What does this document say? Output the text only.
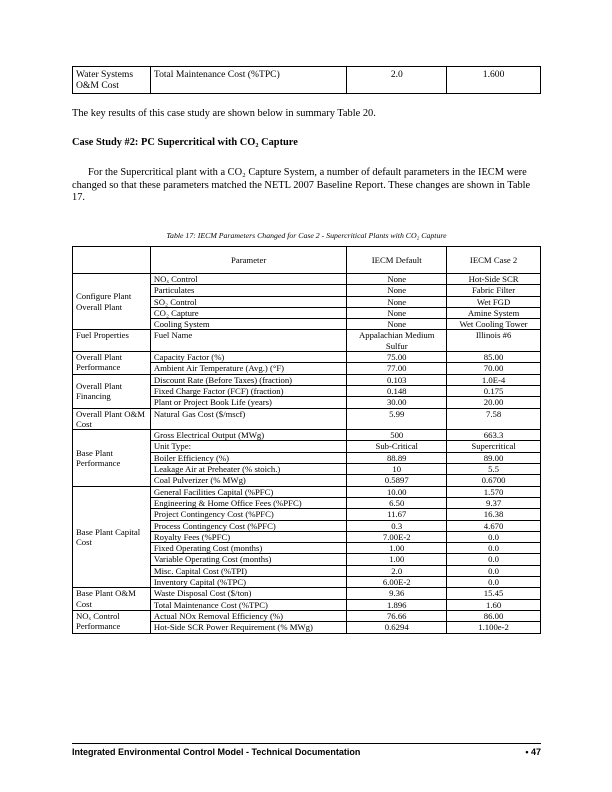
Water Systems O&M Cost	Total Maintenance Cost (%TPC)	2.0	1.600

The key results of this case study are shown below in summary Table 20.

Case Study #2: PC Supercritical with CO₂ Capture

For the Supercritical plant with a CO₂ Capture System, a number of default parameters in the IECM were changed so that these parameters matched the NETL 2007 Baseline Report. These changes are shown in Table 17.

Table 17: IECM Parameters Changed for Case 2 - Supercritical Plants with CO₂ Capture
	Parameter	IECM Default	IECM Case 2
Configure Plant Overall Plant	NOₓ Control	None	Hot-Side SCR
	Particulates	None	Fabric Filter
	SO₂ Control	None	Wet FGD
	CO₂ Capture	None	Amine System
	Cooling System	None	Wet Cooling Tower
Fuel Properties	Fuel Name	Appalachian Medium Sulfur	Illinois #6
Overall Plant Performance	Capacity Factor (%)	75.00	85.00
	Ambient Air Temperature (Avg.) (°F)	77.00	70.00
Overall Plant Financing	Discount Rate (Before Taxes) (fraction)	0.103	1.0E-4
	Fixed Charge Factor (FCF) (fraction)	0.148	0.175
	Plant or Project Book Life (years)	30.00	20.00
Overall Plant O&M Cost	Natural Gas Cost ($/mscf)	5.99	7.58
Base Plant Performance	Gross Electrical Output (MWg)	500	663.3
	Unit Type:	Sub-Critical	Supercritical
	Boiler Efficiency (%)	88.89	89.00
	Leakage Air at Preheater (% stoich.)	10	5.5
	Coal Pulverizer (% MWg)	0.5897	0.6700
Base Plant Capital Cost	General Facilities Capital (%PFC)	10.00	1.570
	Engineering & Home Office Fees (%PFC)	6.50	9.37
	Project Contingency Cost (%PFC)	11.67	16.38
	Process Contingency Cost (%PFC)	0.3	4.670
	Royalty Fees (%PFC)	7.00E-2	0.0
	Fixed Operating Cost (months)	1.00	0.0
	Variable Operating Cost (months)	1.00	0.0
	Misc. Capital Cost (%TPI)	2.0	0.0
	Inventory Capital (%TPC)	6.00E-2	0.0
Base Plant O&M Cost	Waste Disposal Cost ($/ton)	9.36	15.45
	Total Maintenance Cost (%TPC)	1.896	1.60
NOₓ Control Performance	Actual NOx Removal Efficiency (%)	76.66	86.00
	Hot-Side SCR Power Requirement (% MWg)	0.6294	1.100e-2
Integrated Environmental Control Model - Technical Documentation	• 47
